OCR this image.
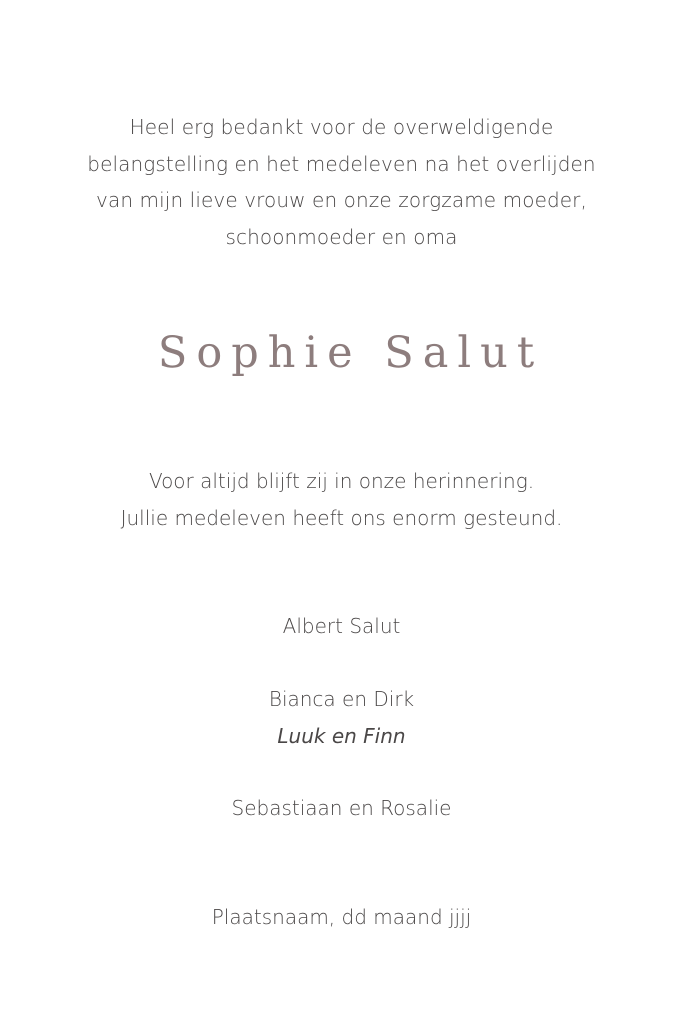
Heel erg bedankt voor de overweldigende
belangstelling en het medeleven na het overlijden
van mijn lieve vrouw en onze zorgzame moeder,
schoonmoeder en oma
Sophie Salut
Voor altijd blijft zij in onze herinnering.
Jullie medeleven heeft ons enorm gesteund.
Albert Salut
Bianca en Dirk
Luuk en Finn
Sebastiaan en Rosalie
Plaatsnaam, dd maand jjjj
